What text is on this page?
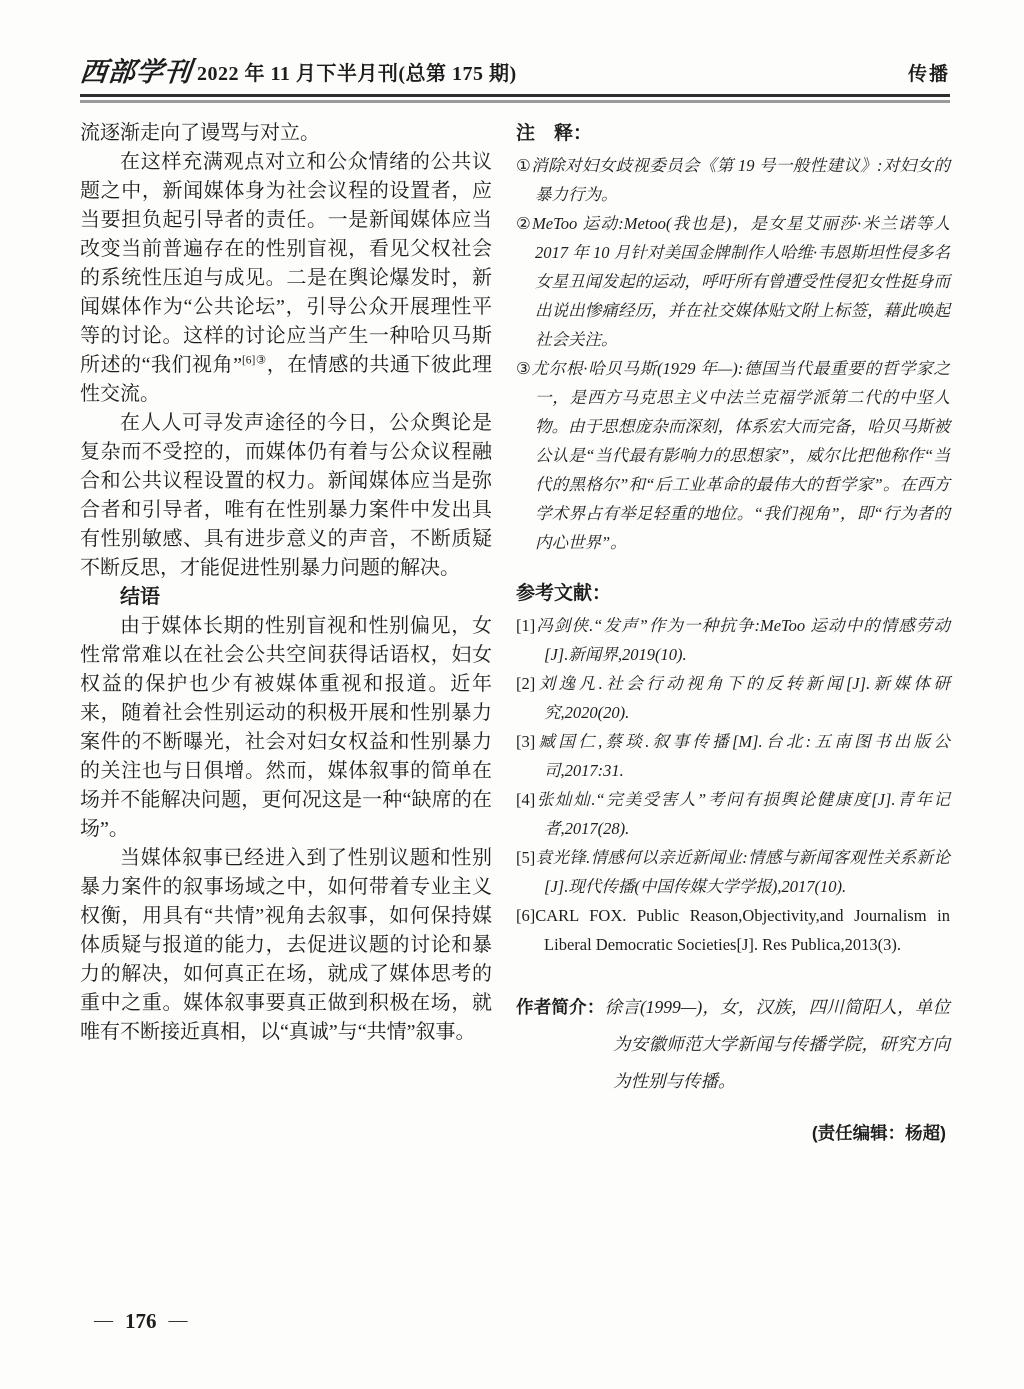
西部学刊 2022 年 11 月下半月刊(总第 175 期)	传播

流逐渐走向了谩骂与对立。

在这样充满观点对立和公众情绪的公共议题之中，新闻媒体身为社会议程的设置者，应当要担负起引导者的责任。一是新闻媒体应当改变当前普遍存在的性别盲视，看见父权社会的系统性压迫与成见。二是在舆论爆发时，新闻媒体作为“公共论坛”，引导公众开展理性平等的讨论。这样的讨论应当产生一种哈贝马斯所述的“我们视角”$^{[6]③}$，在情感的共通下彼此理性交流。

在人人可寻发声途径的今日，公众舆论是复杂而不受控的，而媒体仍有着与公众议程融合和公共议程设置的权力。新闻媒体应当是弥合者和引导者，唯有在性别暴力案件中发出具有性别敏感、具有进步意义的声音，不断质疑不断反思，才能促进性别暴力问题的解决。

结语

由于媒体长期的性别盲视和性别偏见，女性常常难以在社会公共空间获得话语权，妇女权益的保护也少有被媒体重视和报道。近年来，随着社会性别运动的积极开展和性别暴力案件的不断曝光，社会对妇女权益和性别暴力的关注也与日俱增。然而，媒体叙事的简单在场并不能解决问题，更何况这是一种“缺席的在场”。

当媒体叙事已经进入到了性别议题和性别暴力案件的叙事场域之中，如何带着专业主义权衡，用具有“共情”视角去叙事，如何保持媒体质疑与报道的能力，去促进议题的讨论和暴力的解决，如何真正在场，就成了媒体思考的重中之重。媒体叙事要真正做到积极在场，就唯有不断接近真相，以“真诚”与“共情”叙事。

注　释：

①消除对妇女歧视委员会《第 19 号一般性建议》:对妇女的暴力行为。

②MeToo 运动:Metoo(我也是)，是女星艾丽莎·米兰诺等人 2017 年 10 月针对美国金牌制作人哈维·韦恩斯坦性侵多名女星丑闻发起的运动，呼吁所有曾遭受性侵犯女性挺身而出说出惨痛经历，并在社交媒体贴文附上标签，藉此唤起社会关注。

③尤尔根·哈贝马斯(1929 年—):德国当代最重要的哲学家之一，是西方马克思主义中法兰克福学派第二代的中坚人物。由于思想庞杂而深刻，体系宏大而完备，哈贝马斯被公认是“当代最有影响力的思想家”，威尔比把他称作“当代的黑格尔”和“后工业革命的最伟大的哲学家”。在西方学术界占有举足轻重的地位。“我们视角”，即“行为者的内心世界”。

参考文献：

[1]冯剑侠.“发声”作为一种抗争:MeToo 运动中的情感劳动[J].新闻界,2019(10).

[2]刘逸凡.社会行动视角下的反转新闻[J].新媒体研究,2020(20).

[3]臧国仁,蔡琰.叙事传播[M].台北:五南图书出版公司,2017:31.

[4]张灿灿.“完美受害人”考问有损舆论健康度[J].青年记者,2017(28).

[5]袁光锋.情感何以亲近新闻业:情感与新闻客观性关系新论[J].现代传播(中国传媒大学学报),2017(10).

[6]CARL FOX. Public Reason,Objectivity,and Journalism in Liberal Democratic Societies[J]. Res Publica,2013(3).

作者简介：徐言(1999—)，女，汉族，四川简阳人，单位为安徽师范大学新闻与传播学院，研究方向为性别与传播。

(责任编辑：杨超)

— 176 —
